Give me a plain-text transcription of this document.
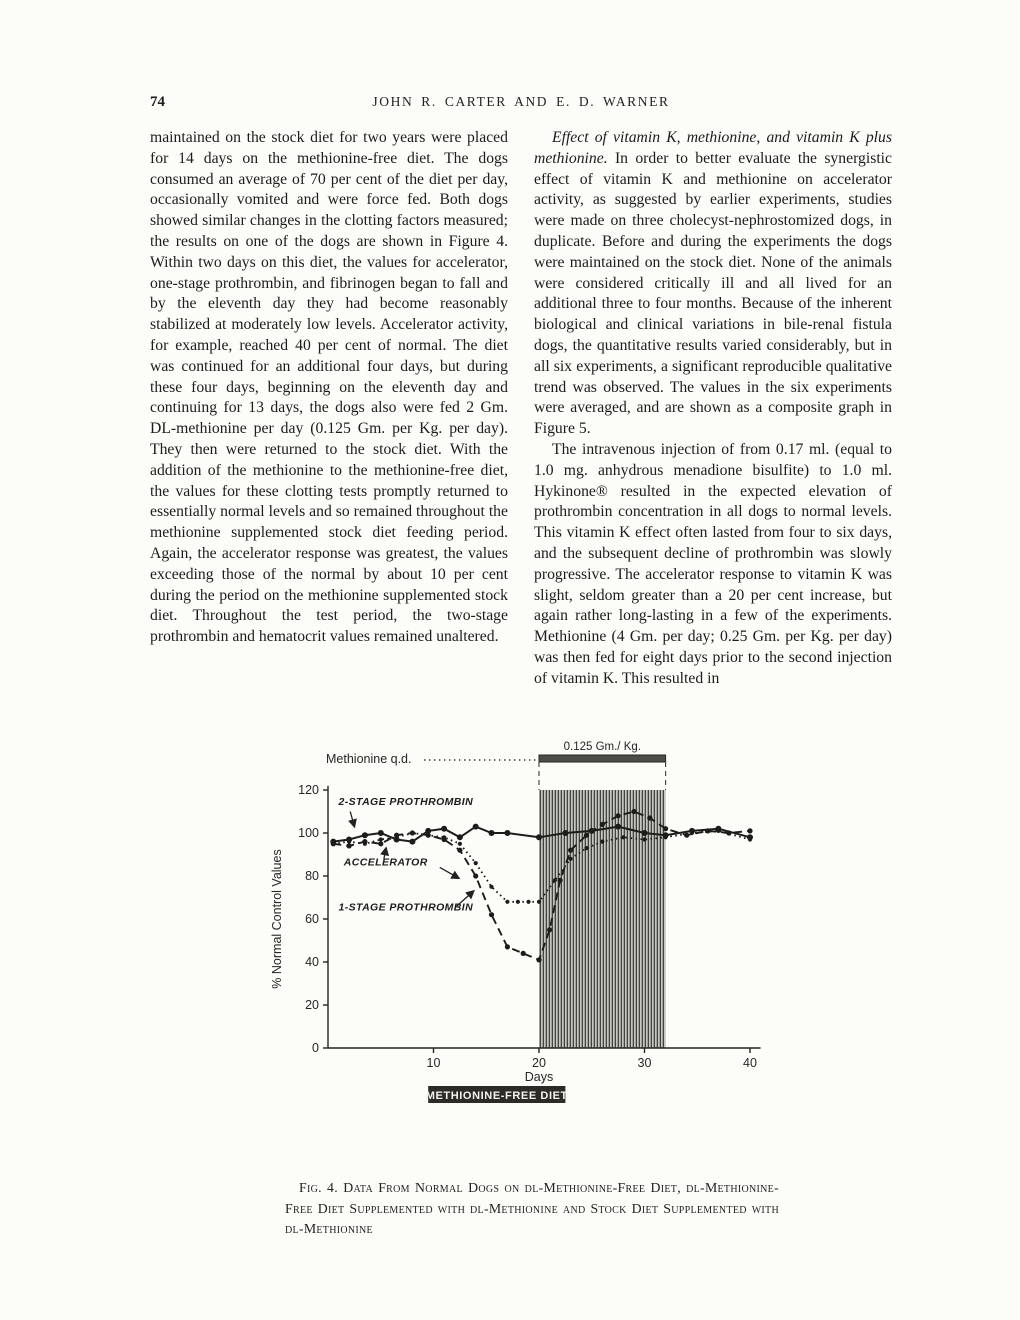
74	JOHN R. CARTER AND E. D. WARNER

maintained on the stock diet for two years were placed for 14 days on the methionine-free diet. The dogs consumed an average of 70 per cent of the diet per day, occasionally vomited and were force fed. Both dogs showed similar changes in the clotting factors measured; the results on one of the dogs are shown in Figure 4. Within two days on this diet, the values for accelerator, one-stage prothrombin, and fibrinogen began to fall and by the eleventh day they had become reasonably stabilized at moderately low levels. Accelerator activity, for example, reached 40 per cent of normal. The diet was continued for an additional four days, but during these four days, beginning on the eleventh day and continuing for 13 days, the dogs also were fed 2 Gm. DL-methionine per day (0.125 Gm. per Kg. per day). They then were returned to the stock diet. With the addition of the methionine to the methionine-free diet, the values for these clotting tests promptly returned to essentially normal levels and so remained throughout the methionine supplemented stock diet feeding period. Again, the accelerator response was greatest, the values exceeding those of the normal by about 10 per cent during the period on the methionine supplemented stock diet. Throughout the test period, the two-stage prothrombin and hematocrit values remained unaltered.

Effect of vitamin K, methionine, and vitamin K plus methionine. In order to better evaluate the synergistic effect of vitamin K and methionine on accelerator activity, as suggested by earlier experiments, studies were made on three cholecyst-nephrostomized dogs, in duplicate. Before and during the experiments the dogs were maintained on the stock diet. None of the animals were considered critically ill and all lived for an additional three to four months. Because of the inherent biological and clinical variations in bile-renal fistula dogs, the quantitative results varied considerably, but in all six experiments, a significant reproducible qualitative trend was observed. The values in the six experiments were averaged, and are shown as a composite graph in Figure 5.

The intravenous injection of from 0.17 ml. (equal to 1.0 mg. anhydrous menadione bisulfite) to 1.0 ml. Hykinone® resulted in the expected elevation of prothrombin concentration in all dogs to normal levels. This vitamin K effect often lasted from four to six days, and the subsequent decline of prothrombin was slowly progressive. The accelerator response to vitamin K was slight, seldom greater than a 20 per cent increase, but again rather long-lasting in a few of the experiments. Methionine (4 Gm. per day; 0.25 Gm. per Kg. per day) was then fed for eight days prior to the second injection of vitamin K. This resulted in

Methionine q.d.
0.125 Gm./ Kg.
0
20
40
60
80
100
120
10	20	30	40
Days
% Normal Control Values
METHIONINE-FREE DIET
2-STAGE PROTHROMBIN
ACCELERATOR
1-STAGE PROTHROMBIN
Fig. 4. Data From Normal Dogs on dl-Methionine-Free Diet, dl-Methionine-Free Diet Supplemented with dl-Methionine and Stock Diet Supplemented with dl-Methionine
